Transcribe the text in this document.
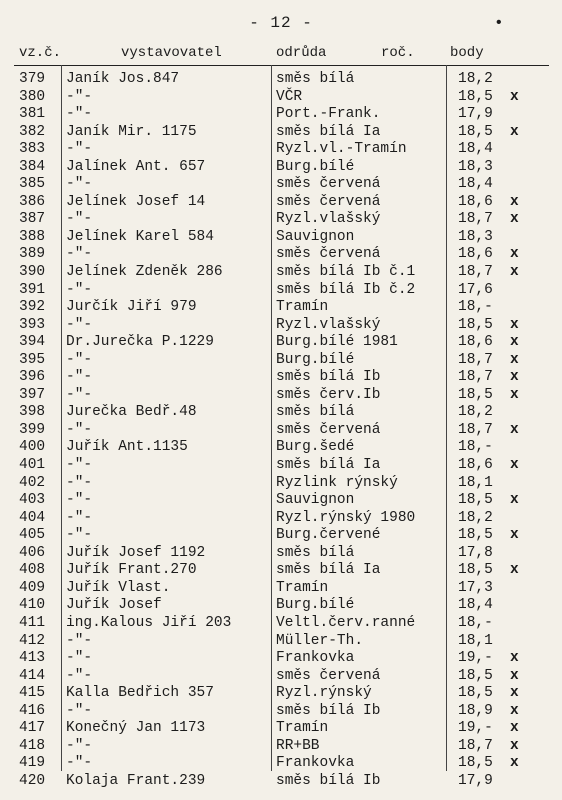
- 12 -	•
vz.č.	vystavovatel	odrůda	roč.	body
379 Janík Jos.847	směs bílá	18,2
380 -"-	VČR	18,5 x
381 -"-	Port.-Frank.	17,9
382 Janík Mir. 1175	směs bílá Ia	18,5 x
383 -"-	Ryzl.vl.-Tramín	18,4
384 Jalínek Ant. 657	Burg.bílé	18,3
385 -"-	směs červená	18,4
386 Jelínek Josef 14	směs červená	18,6 x
387 -"-	Ryzl.vlašský	18,7 x
388 Jelínek Karel 584	Sauvignon	18,3
389 -"-	směs červená	18,6 x
390 Jelínek Zdeněk 286	směs bílá Ib č.1	18,7 x
391 -"-	směs bílá Ib č.2	17,6
392 Jurčík Jiří 979	Tramín	18,-
393 -"-	Ryzl.vlašský	18,5 x
394 Dr.Jurečka P.1229	Burg.bílé 1981	18,6 x
395 -"-	Burg.bílé	18,7 x
396 -"-	směs bílá Ib	18,7 x
397 -"-	směs červ.Ib	18,5 x
398 Jurečka Bedř.48	směs bílá	18,2
399 -"-	směs červená	18,7 x
400 Juřík Ant.1135	Burg.šedé	18,-
401 -"-	směs bílá Ia	18,6 x
402 -"-	Ryzlink rýnský	18,1
403 -"-	Sauvignon	18,5 x
404 -"-	Ryzl.rýnský 1980	18,2
405 -"-	Burg.červené	18,5 x
406 Juřík Josef 1192	směs bílá	17,8
408 Juřík Frant.270	směs bílá Ia	18,5 x
409 Juřík Vlast.	Tramín	17,3
410 Juřík Josef	Burg.bílé	18,4
411 ing.Kalous Jiří 203	Veltl.červ.ranné	18,-
412 -"-	Müller-Th.	18,1
413 -"-	Frankovka	19,- x
414 -"-	směs červená	18,5 x
415 Kalla Bedřich 357	Ryzl.rýnský	18,5 x
416 -"-	směs bílá Ib	18,9 x
417 Konečný Jan 1173	Tramín	19,- x
418 -"-	RR+BB	18,7 x
419 -"-	Frankovka	18,5 x
420 Kolaja Frant.239	směs bílá Ib	17,9
